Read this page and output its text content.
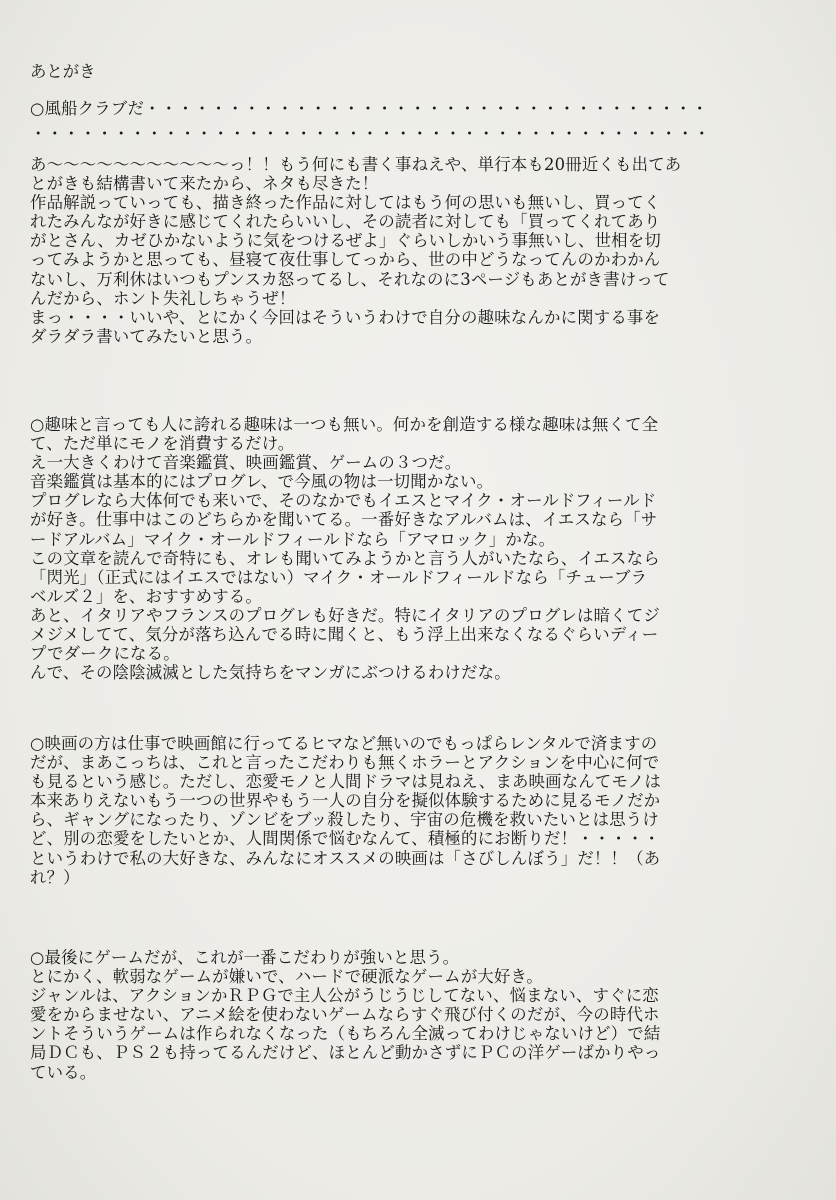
あとがき
○風船クラブだ・・・・・・・・・・・・・・・・・・・・・・・・・・・・・・・・・・
・・・・・・・・・・・・・・・・・・・・・・・・・・・・・・・・・・・・・・・・・
あ〜〜〜〜〜〜〜〜〜〜〜っ！！もう何にも書く事ねえや、単行本も20冊近くも出てあ
とがきも結構書いて来たから、ネタも尽きた！
作品解説っていっても、描き終った作品に対してはもう何の思いも無いし、買ってく
れたみんなが好きに感じてくれたらいいし、その読者に対しても「買ってくれてあり
がとさん、カゼひかないように気をつけるぜよ」ぐらいしかいう事無いし、世相を切
ってみようかと思っても、昼寝て夜仕事してっから、世の中どうなってんのかわかん
ないし、万利休はいつもプンスカ怒ってるし、それなのに3ページもあとがき書けって
んだから、ホント失礼しちゃうぜ！
まっ・・・・いいや、とにかく今回はそういうわけで自分の趣味なんかに関する事を
ダラダラ書いてみたいと思う。
○趣味と言っても人に誇れる趣味は一つも無い。何かを創造する様な趣味は無くて全
て、ただ単にモノを消費するだけ。
え一大きくわけて音楽鑑賞、映画鑑賞、ゲームの３つだ。
音楽鑑賞は基本的にはプログレ、で今風の物は一切聞かない。
プログレなら大体何でも来いで、そのなかでもイエスとマイク・オールドフィールド
が好き。仕事中はこのどちらかを聞いてる。一番好きなアルバムは、イエスなら「サ
ードアルバム」マイク・オールドフィールドなら「アマロック」かな。
この文章を読んで奇特にも、オレも聞いてみようかと言う人がいたなら、イエスなら
「閃光」（正式にはイエスではない）マイク・オールドフィールドなら「チューブラ
ベルズ２」を、おすすめする。
あと、イタリアやフランスのプログレも好きだ。特にイタリアのプログレは暗くてジ
メジメしてて、気分が落ち込んでる時に聞くと、もう浮上出来なくなるぐらいディー
プでダークになる。
んで、その陰陰滅滅とした気持ちをマンガにぶつけるわけだな。
○映画の方は仕事で映画館に行ってるヒマなど無いのでもっぱらレンタルで済ますの
だが、まあこっちは、これと言ったこだわりも無くホラーとアクションを中心に何で
も見るという感じ。ただし、恋愛モノと人間ドラマは見ねえ、まあ映画なんてモノは
本来ありえないもう一つの世界やもう一人の自分を擬似体験するために見るモノだか
ら、ギャングになったり、ゾンビをブッ殺したり、宇宙の危機を救いたいとは思うけ
ど、別の恋愛をしたいとか、人間関係で悩むなんて、積極的にお断りだ！・・・・・
というわけで私の大好きな、みんなにオススメの映画は「さびしんぼう」だ！！（あ
れ？）
○最後にゲームだが、これが一番こだわりが強いと思う。
とにかく、軟弱なゲームが嫌いで、ハードで硬派なゲームが大好き。
ジャンルは、アクションかＲＰＧで主人公がうじうじしてない、悩まない、すぐに恋
愛をからませない、アニメ絵を使わないゲームならすぐ飛び付くのだが、今の時代ホ
ントそういうゲームは作られなくなった（もちろん全滅ってわけじゃないけど）で結
局ＤＣも、ＰＳ２も持ってるんだけど、ほとんど動かさずにＰＣの洋ゲーばかりやっ
ている。
